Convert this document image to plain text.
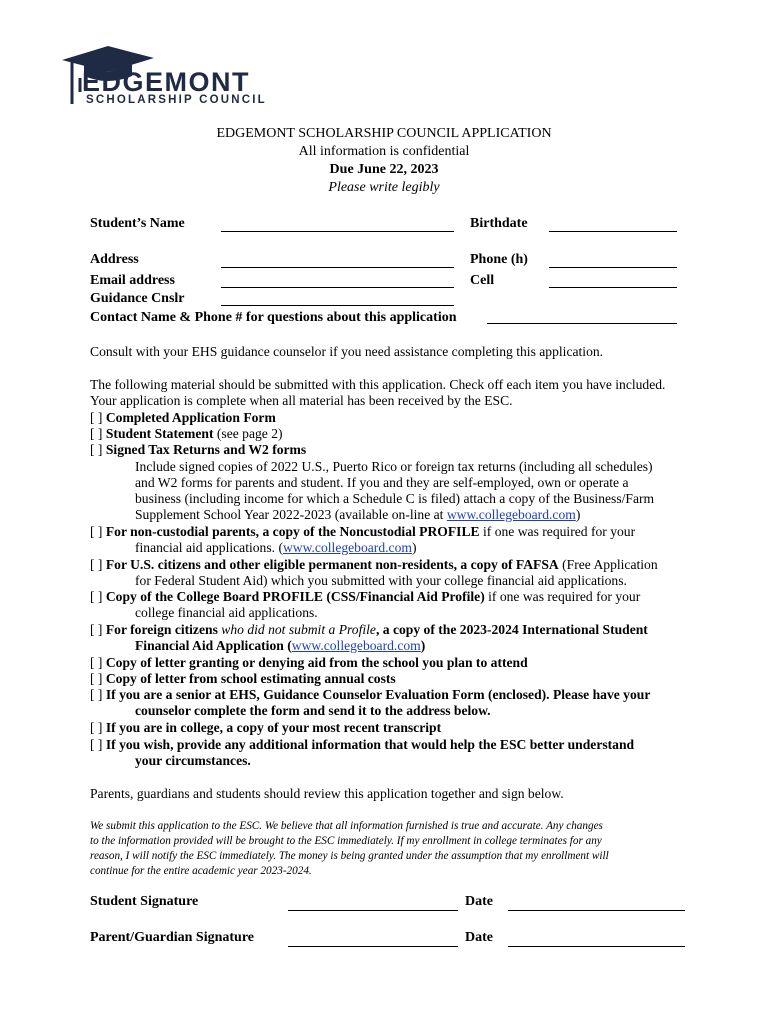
EDGEMONT
SCHOLARSHIP COUNCIL
EDGEMONT SCHOLARSHIP COUNCIL APPLICATION
All information is confidential
Due June 22, 2023
Please write legibly
Student’s Name	Birthdate
Address	Phone (h)
Email address	Cell
Guidance Cnslr
Contact Name & Phone # for questions about this application
Consult with your EHS guidance counselor if you need assistance completing this application.
The following material should be submitted with this application. Check off each item you have included.
Your application is complete when all material has been received by the ESC.
[ ] Completed Application Form
[ ] Student Statement (see page 2)
[ ] Signed Tax Returns and W2 forms
Include signed copies of 2022 U.S., Puerto Rico or foreign tax returns (including all schedules)
and W2 forms for parents and student. If you and they are self-employed, own or operate a
business (including income for which a Schedule C is filed) attach a copy of the Business/Farm
Supplement School Year 2022-2023 (available on-line at www.collegeboard.com)
[ ] For non-custodial parents, a copy of the Noncustodial PROFILE if one was required for your
financial aid applications. (www.collegeboard.com)
[ ] For U.S. citizens and other eligible permanent non-residents, a copy of FAFSA (Free Application
for Federal Student Aid) which you submitted with your college financial aid applications.
[ ] Copy of the College Board PROFILE (CSS/Financial Aid Profile) if one was required for your
college financial aid applications.
[ ] For foreign citizens who did not submit a Profile, a copy of the 2023-2024 International Student
Financial Aid Application (www.collegeboard.com)
[ ] Copy of letter granting or denying aid from the school you plan to attend
[ ] Copy of letter from school estimating annual costs
[ ] If you are a senior at EHS, Guidance Counselor Evaluation Form (enclosed). Please have your
counselor complete the form and send it to the address below.
[ ] If you are in college, a copy of your most recent transcript
[ ] If you wish, provide any additional information that would help the ESC better understand
your circumstances.
Parents, guardians and students should review this application together and sign below.
We submit this application to the ESC. We believe that all information furnished is true and accurate. Any changes
to the information provided will be brought to the ESC immediately. If my enrollment in college terminates for any
reason, I will notify the ESC immediately. The money is being granted under the assumption that my enrollment will
continue for the entire academic year 2023-2024.
Student Signature	Date
Parent/Guardian Signature	Date
